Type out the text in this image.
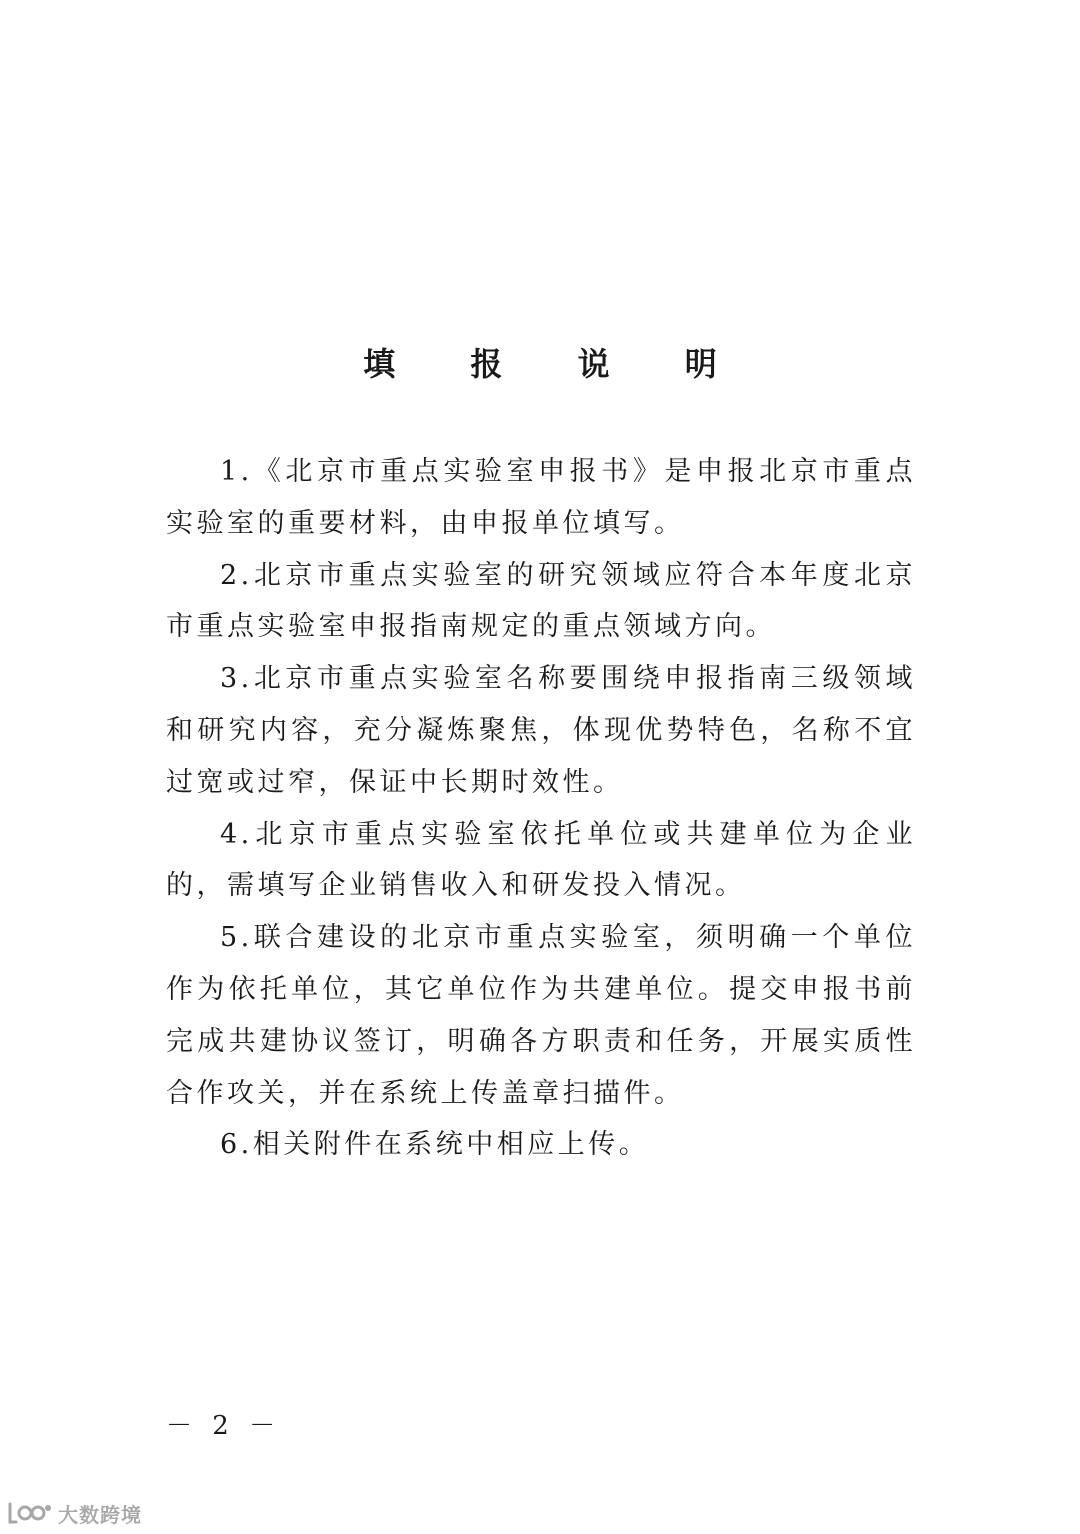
填 报 说 明

1.《北京市重点实验室申报书》是申报北京市重点实验室的重要材料，由申报单位填写。

2.北京市重点实验室的研究领域应符合本年度北京市重点实验室申报指南规定的重点领域方向。

3.北京市重点实验室名称要围绕申报指南三级领域和研究内容，充分凝炼聚焦，体现优势特色，名称不宜过宽或过窄，保证中长期时效性。

4.北京市重点实验室依托单位或共建单位为企业的，需填写企业销售收入和研发投入情况。

5.联合建设的北京市重点实验室，须明确一个单位作为依托单位，其它单位作为共建单位。提交申报书前完成共建协议签订，明确各方职责和任务，开展实质性合作攻关，并在系统上传盖章扫描件。

6.相关附件在系统中相应上传。

－ 2 －
大数跨境
